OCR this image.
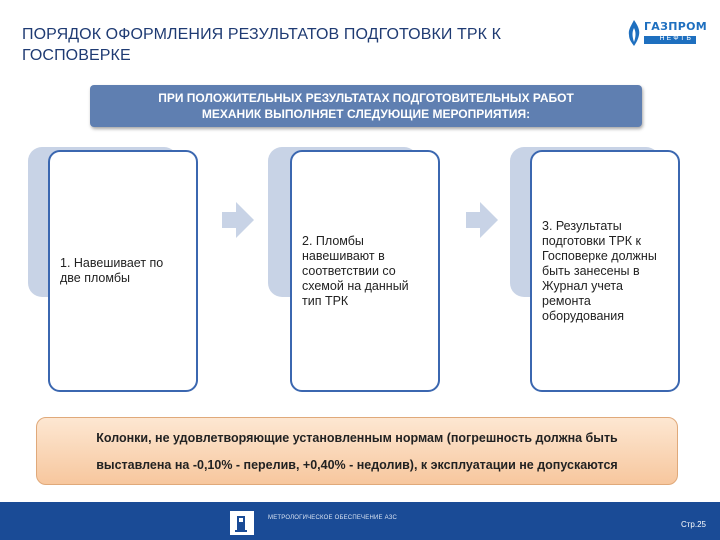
ПОРЯДОК ОФОРМЛЕНИЯ РЕЗУЛЬТАТОВ ПОДГОТОВКИ ТРК К ГОСПОВЕРКЕ
ГАЗПРОМ
НЕФТЬ
ПРИ ПОЛОЖИТЕЛЬНЫХ РЕЗУЛЬТАТАХ ПОДГОТОВИТЕЛЬНЫХ РАБОТ
МЕХАНИК ВЫПОЛНЯЕТ СЛЕДУЮЩИЕ МЕРОПРИЯТИЯ:
1. Навешивает по две пломбы
2. Пломбы навешивают в соответствии со схемой на данный тип ТРК
3. Результаты подготовки ТРК к Госповерке должны быть занесены в Журнал учета ремонта оборудования
Колонки, не удовлетворяющие установленным нормам (погрешность должна быть
выставлена на -0,10% - перелив, +0,40% - недолив), к эксплуатации не допускаются
МЕТРОЛОГИЧЕСКОЕ ОБЕСПЕЧЕНИЕ АЗС
Стр.25
